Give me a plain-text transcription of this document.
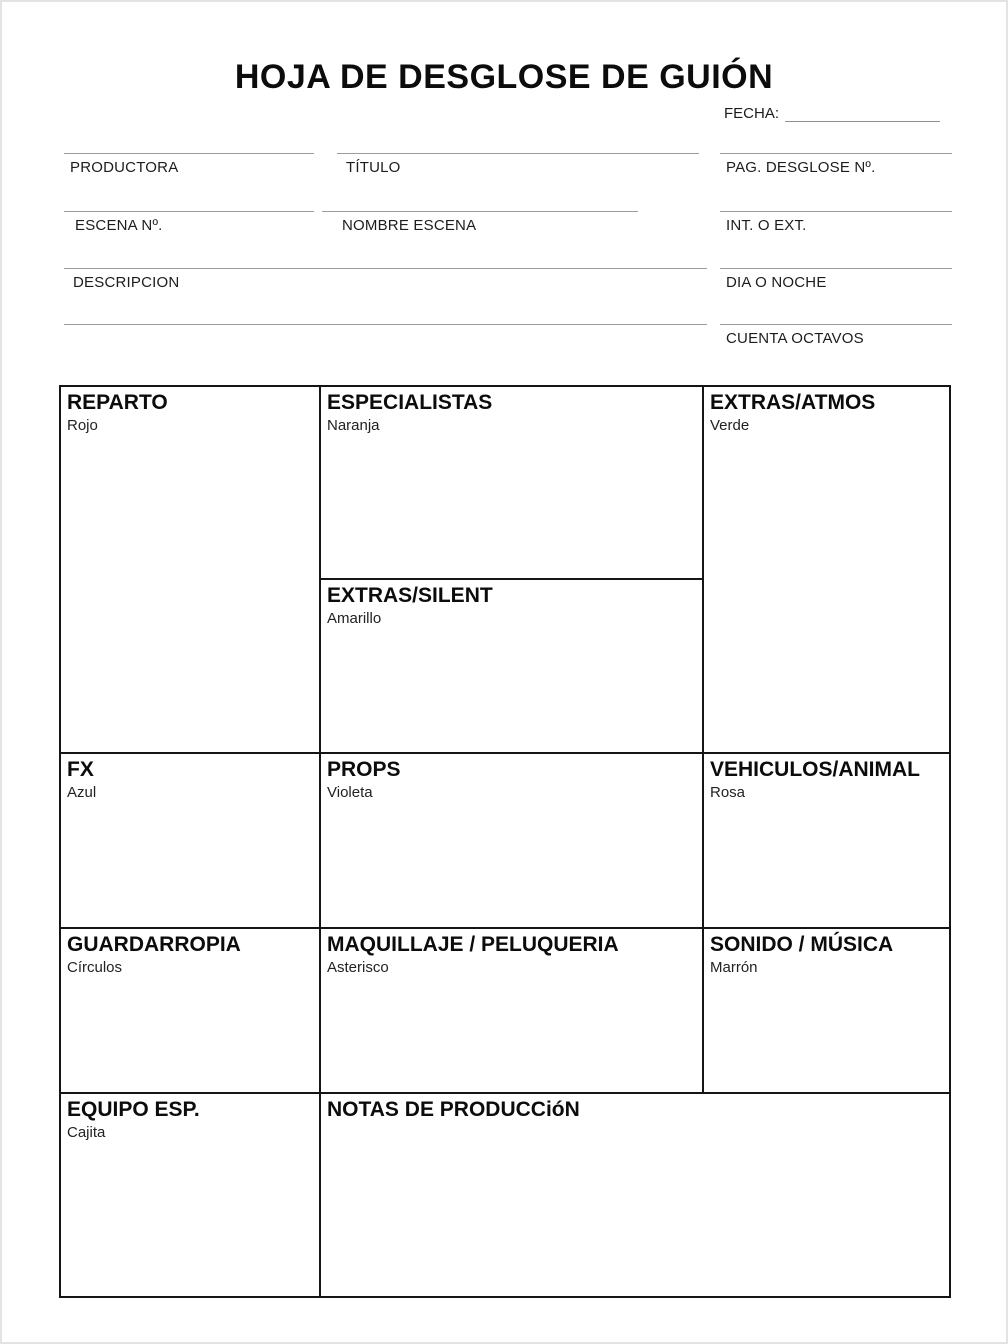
HOJA DE DESGLOSE DE GUIÓN
FECHA:
PRODUCTORA	TÍTULO	PAG. DESGLOSE Nº.
ESCENA Nº.	NOMBRE ESCENA	INT. O EXT.
DESCRIPCION	DIA O NOCHE
CUENTA OCTAVOS
REPARTO
Rojo
ESPECIALISTAS
Naranja
EXTRAS/ATMOS
Verde
EXTRAS/SILENT
Amarillo
FX
Azul
PROPS
Violeta
VEHICULOS/ANIMAL
Rosa
GUARDARROPIA
Círculos
MAQUILLAJE / PELUQUERIA
Asterisco
SONIDO / MÚSICA
Marrón
EQUIPO ESP.
Cajita
NOTAS DE PRODUCCióN
